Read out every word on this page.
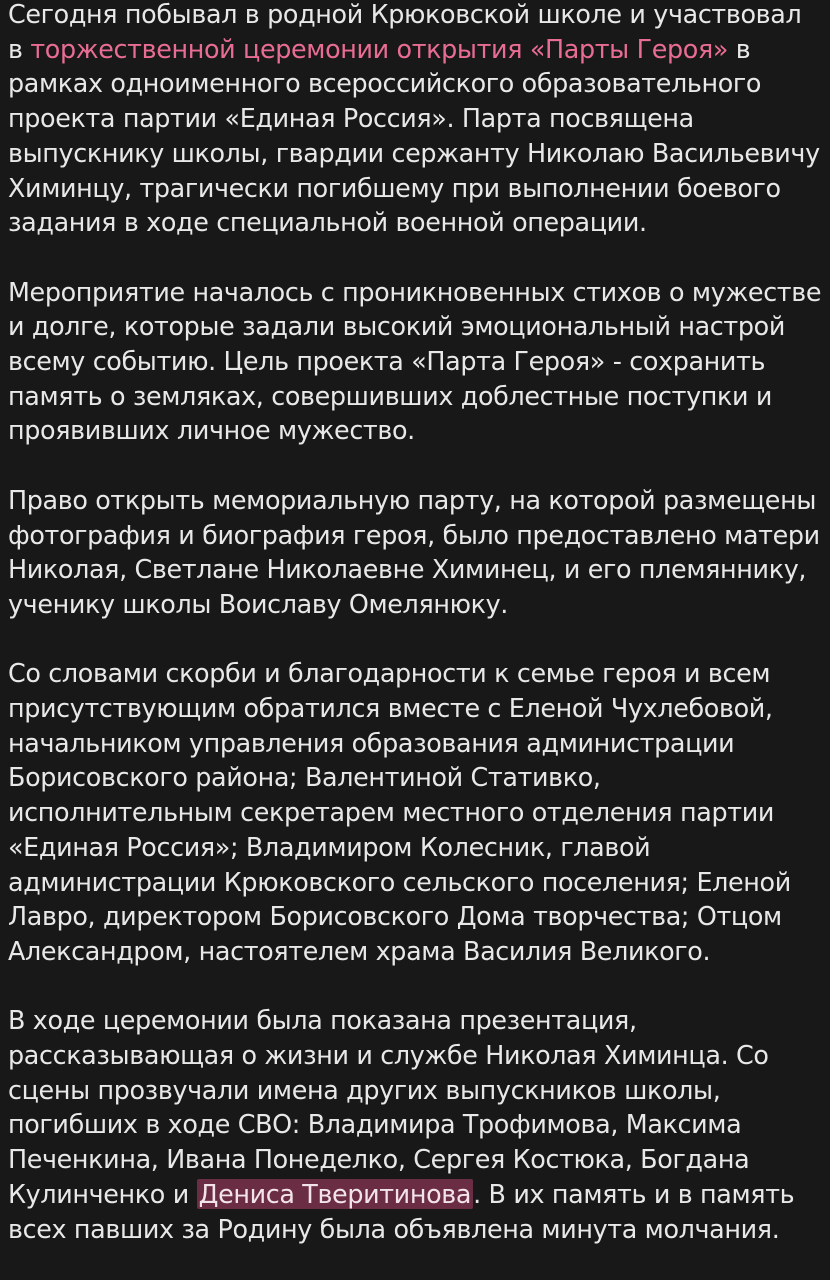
Сегодня побывал в родной Крюковской школе и участвовал в торжественной церемонии открытия «Парты Героя» в рамках одноименного всероссийского образовательного проекта партии «Единая Россия». Парта посвящена выпускнику школы, гвардии сержанту Николаю Васильевичу Химинцу, трагически погибшему при выполнении боевого задания в ходе специальной военной операции.

Мероприятие началось с проникновенных стихов о мужестве и долге, которые задали высокий эмоциональный настрой всему событию. Цель проекта «Парта Героя» - сохранить память о земляках, совершивших доблестные поступки и проявивших личное мужество.

Право открыть мемориальную парту, на которой размещены фотография и биография героя, было предоставлено матери Николая, Светлане Николаевне Химинец, и его племяннику, ученику школы Воиславу Омелянюку.

Со словами скорби и благодарности к семье героя и всем присутствующим обратился вместе с Еленой Чухлебовой, начальником управления образования администрации Борисовского района; Валентиной Стативко, исполнительным секретарем местного отделения партии «Единая Россия»; Владимиром Колесник, главой администрации Крюковского сельского поселения; Еленой Лавро, директором Борисовского Дома творчества; Отцом Александром, настоятелем храма Василия Великого.

В ходе церемонии была показана презентация, рассказывающая о жизни и службе Николая Химинца. Со сцены прозвучали имена других выпускников школы, погибших в ходе СВО: Владимира Трофимова, Максима Печенкина, Ивана Понеделко, Сергея Костюка, Богдана Кулинченко и Дениса Тверитинова. В их память и в память всех павших за Родину была объявлена минута молчания.
